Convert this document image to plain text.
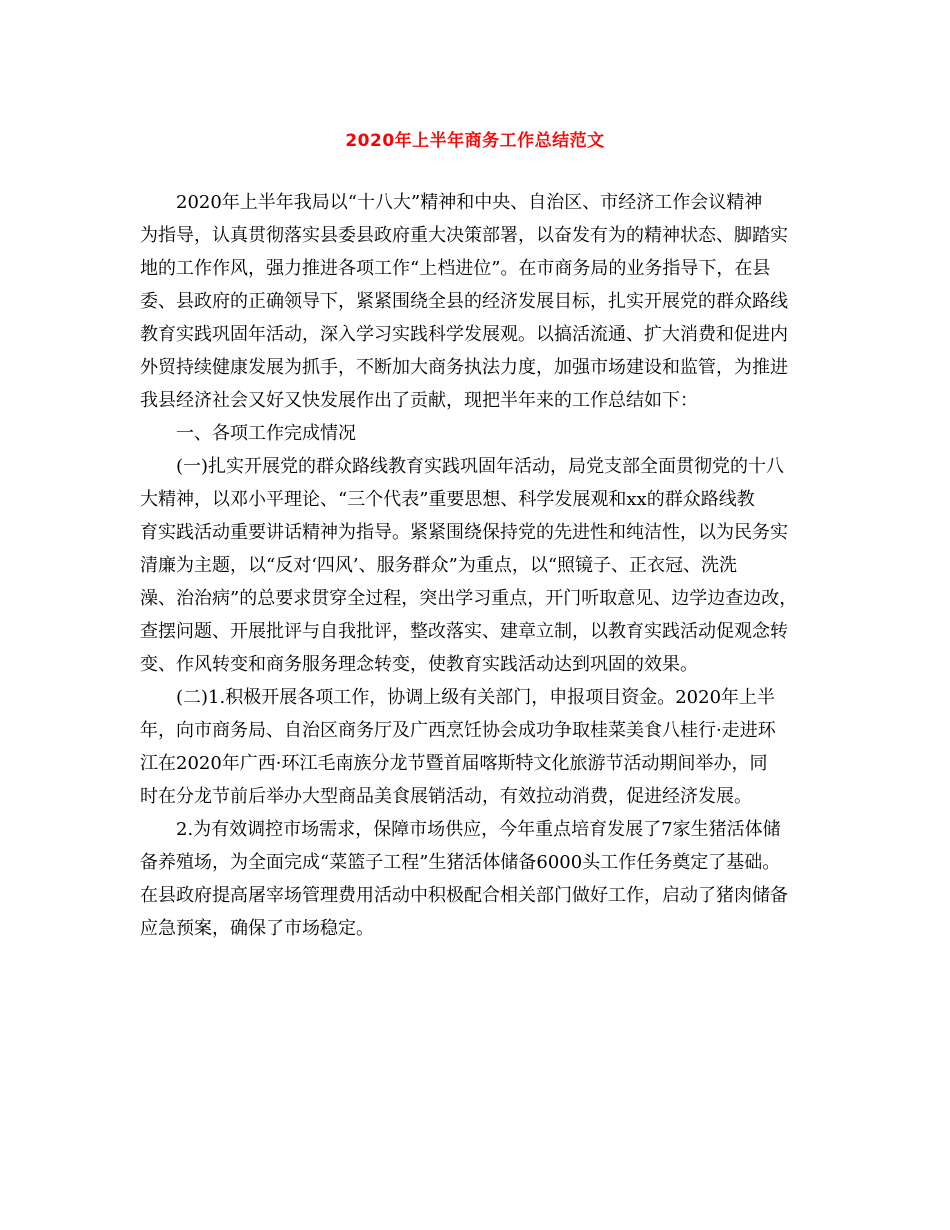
2020年上半年商务工作总结范文
2020年上半年我局以“十八大”精神和中央、自治区、市经济工作会议精神
为指导，认真贯彻落实县委县政府重大决策部署，以奋发有为的精神状态、脚踏实
地的工作作风，强力推进各项工作“上档进位”。在市商务局的业务指导下，在县
委、县政府的正确领导下，紧紧围绕全县的经济发展目标，扎实开展党的群众路线
教育实践巩固年活动，深入学习实践科学发展观。以搞活流通、扩大消费和促进内
外贸持续健康发展为抓手，不断加大商务执法力度，加强市场建设和监管，为推进
我县经济社会又好又快发展作出了贡献，现把半年来的工作总结如下：
一、各项工作完成情况
(一)扎实开展党的群众路线教育实践巩固年活动，局党支部全面贯彻党的十八
大精神，以邓小平理论、“三个代表”重要思想、科学发展观和xx的群众路线教
育实践活动重要讲话精神为指导。紧紧围绕保持党的先进性和纯洁性，以为民务实
清廉为主题，以“反对‘四风’、服务群众”为重点，以“照镜子、正衣冠、洗洗
澡、治治病”的总要求贯穿全过程，突出学习重点，开门听取意见、边学边查边改，
查摆问题、开展批评与自我批评，整改落实、建章立制，以教育实践活动促观念转
变、作风转变和商务服务理念转变，使教育实践活动达到巩固的效果。
(二)1.积极开展各项工作，协调上级有关部门，申报项目资金。2020年上半
年，向市商务局、自治区商务厅及广西烹饪协会成功争取桂菜美食八桂行·走进环
江在2020年广西·环江毛南族分龙节暨首届喀斯特文化旅游节活动期间举办，同
时在分龙节前后举办大型商品美食展销活动，有效拉动消费，促进经济发展。
2.为有效调控市场需求，保障市场供应，今年重点培育发展了7家生猪活体储
备养殖场，为全面完成“菜篮子工程”生猪活体储备6000头工作任务奠定了基础。
在县政府提高屠宰场管理费用活动中积极配合相关部门做好工作，启动了猪肉储备
应急预案，确保了市场稳定。
